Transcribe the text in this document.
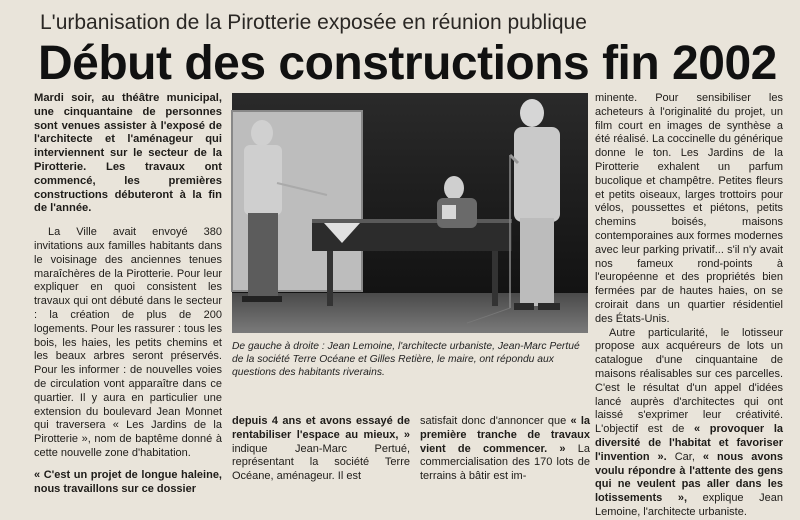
L'urbanisation de la Pirotterie exposée en réunion publique
Début des constructions fin 2002

Mardi soir, au théâtre municipal, une cinquantaine de personnes sont venues assister à l'exposé de l'architecte et l'aménageur qui interviennent sur le secteur de la Pirotterie. Les travaux ont commencé, les premières constructions débuteront à la fin de l'année.

La Ville avait envoyé 380 invitations aux familles habitants dans le voisinage des anciennes tenues maraîchères de la Pirotterie. Pour leur expliquer en quoi consistent les travaux qui ont débuté dans le secteur : la création de plus de 200 logements. Pour les rassurer : tous les bois, les haies, les petits chemins et les beaux arbres seront préservés. Pour les informer : de nouvelles voies de circulation vont apparaître dans ce quartier. Il y aura en particulier une extension du boulevard Jean Monnet qui traversera « Les Jardins de la Pirotterie », nom de baptême donné à cette nouvelle zone d'habitation.

« C'est un projet de longue haleine, nous travaillons sur ce dossier

De gauche à droite : Jean Lemoine, l'architecte urbaniste, Jean-Marc Pertué de la société Terre Océane et Gilles Retière, le maire, ont répondu aux questions des habitants riverains.

depuis 4 ans et avons essayé de rentabiliser l'espace au mieux, » indique Jean-Marc Pertué, représentant la société Terre Océane, aménageur. Il est

satisfait donc d'annoncer que « la première tranche de travaux vient de commencer. » La commercialisation des 170 lots de terrains à bâtir est im-

minente. Pour sensibiliser les acheteurs à l'originalité du projet, un film court en images de synthèse a été réalisé. La coccinelle du générique donne le ton. Les Jardins de la Pirotterie exhalent un parfum bucolique et champêtre. Petites fleurs et petits oiseaux, larges trottoirs pour vélos, poussettes et piétons, petits chemins boisés, maisons contemporaines aux formes modernes avec leur parking privatif... s'il n'y avait nos fameux rond-points à l'européenne et des propriétés bien fermées par de hautes haies, on se croirait dans un quartier résidentiel des États-Unis.

Autre particularité, le lotisseur propose aux acquéreurs de lots un catalogue d'une cinquantaine de maisons réalisables sur ces parcelles. C'est le résultat d'un appel d'idées lancé auprès d'architectes qui ont laissé s'exprimer leur créativité. L'objectif est de « provoquer la diversité de l'habitat et favoriser l'invention ». Car, « nous avons voulu répondre à l'attente des gens qui ne veulent pas aller dans les lotissements », explique Jean Lemoine, l'architecte urbaniste.
